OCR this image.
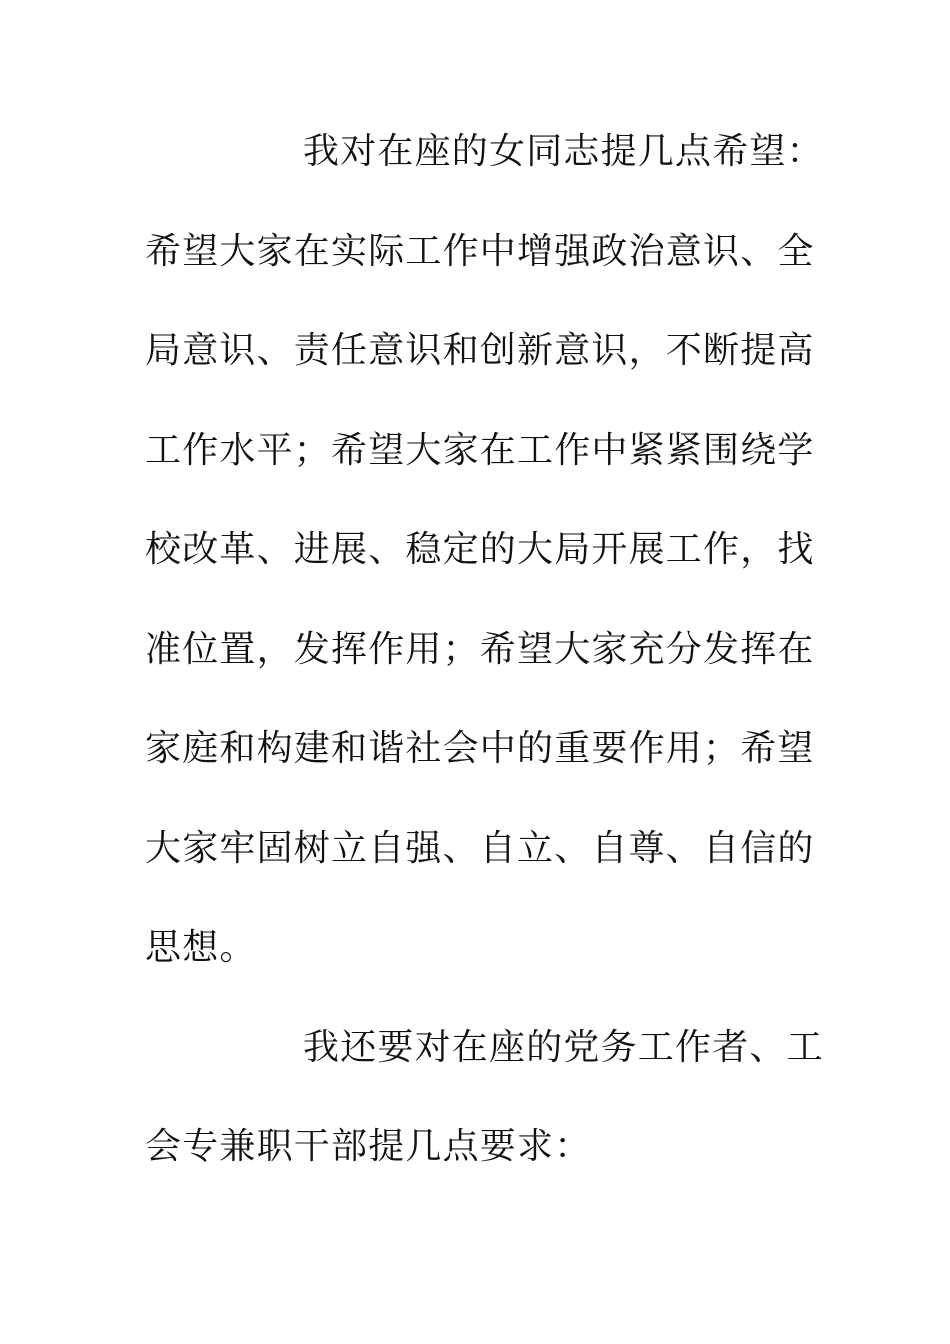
我对在座的女同志提几点希望：
希望大家在实际工作中增强政治意识、全
局意识、责任意识和创新意识，不断提高
工作水平；希望大家在工作中紧紧围绕学
校改革、进展、稳定的大局开展工作，找
准位置，发挥作用；希望大家充分发挥在
家庭和构建和谐社会中的重要作用；希望
大家牢固树立自强、自立、自尊、自信的
思想。
我还要对在座的党务工作者、工
会专兼职干部提几点要求：
